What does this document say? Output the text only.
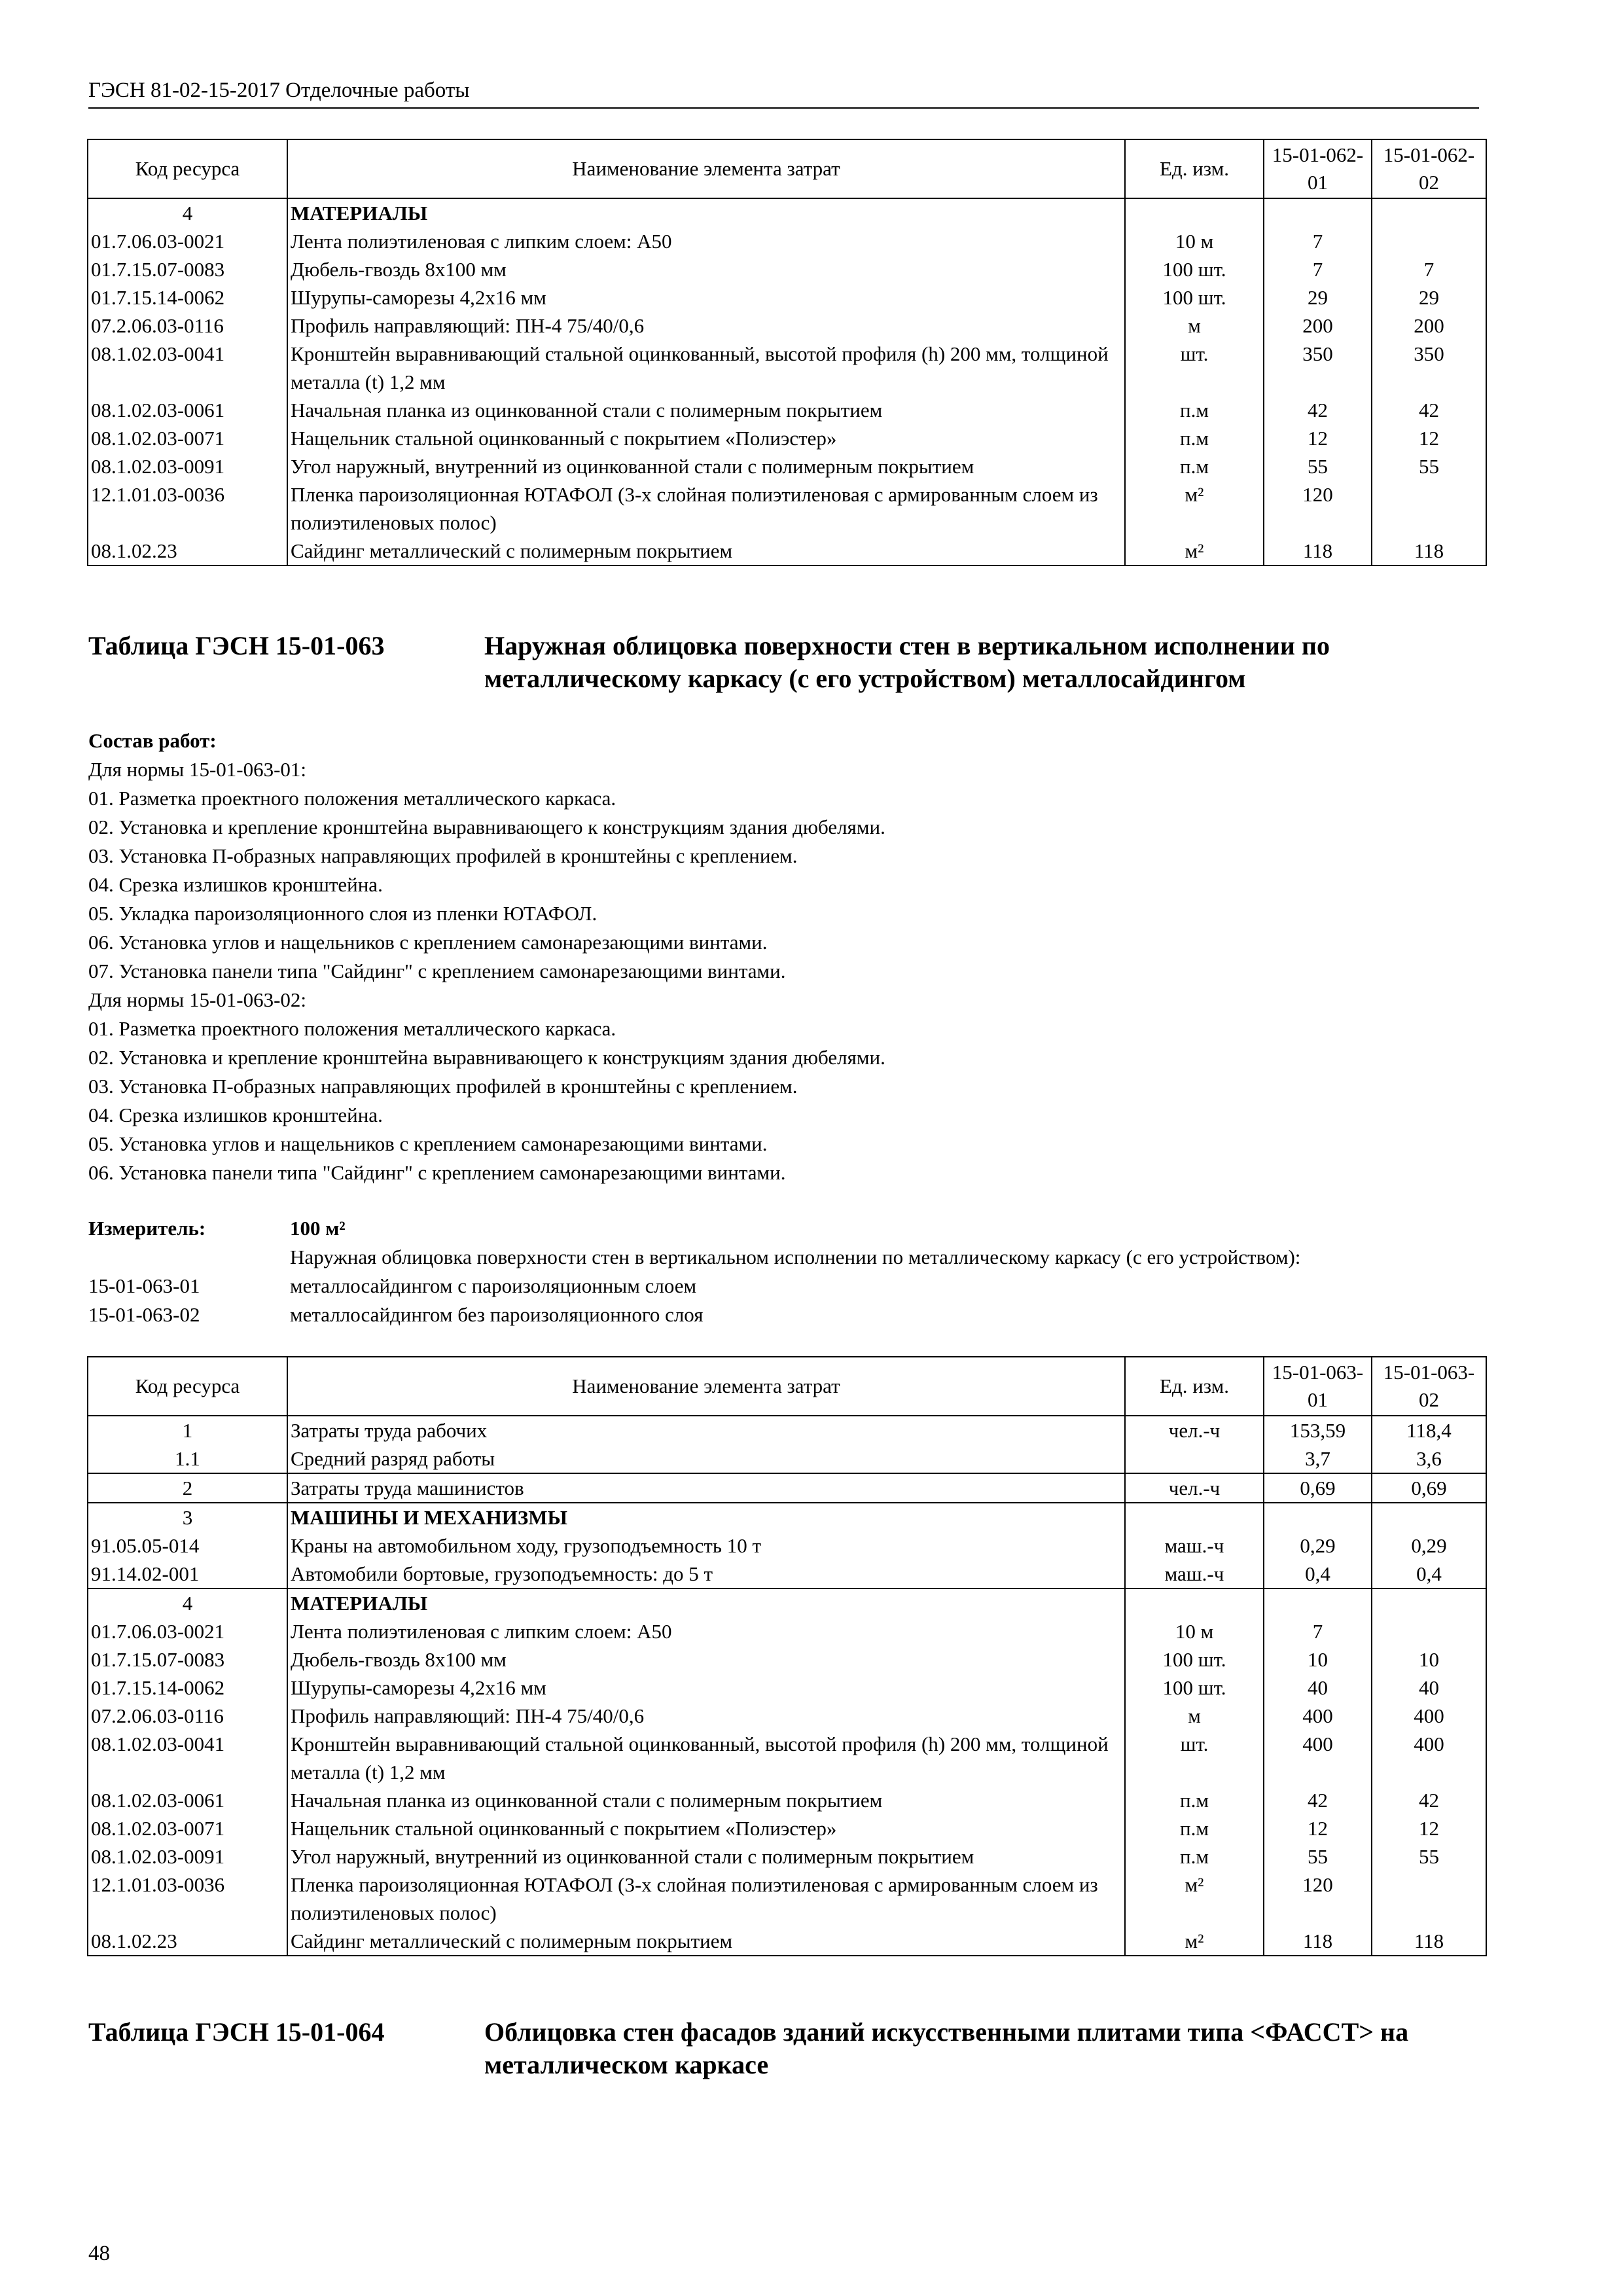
ГЭСН 81-02-15-2017 Отделочные работы
Код ресурса	Наименование элемента затрат	Ед. изм.	15-01-062-01	15-01-062-02
4	МАТЕРИАЛЫ			
01.7.06.03-0021	Лента полиэтиленовая с липким слоем: А50	10 м	7	
01.7.15.07-0083	Дюбель-гвоздь 8х100 мм	100 шт.	7	7
01.7.15.14-0062	Шурупы-саморезы 4,2х16 мм	100 шт.	29	29
07.2.06.03-0116	Профиль направляющий: ПН-4 75/40/0,6	м	200	200
08.1.02.03-0041	Кронштейн выравнивающий стальной оцинкованный, высотой профиля (h) 200 мм, толщиной металла (t) 1,2 мм	шт.	350	350
08.1.02.03-0061	Начальная планка из оцинкованной стали с полимерным покрытием	п.м	42	42
08.1.02.03-0071	Нащельник стальной оцинкованный с покрытием «Полиэстер»	п.м	12	12
08.1.02.03-0091	Угол наружный, внутренний из оцинкованной стали с полимерным покрытием	п.м	55	55
12.1.01.03-0036	Пленка пароизоляционная ЮТАФОЛ (3-х слойная полиэтиленовая с армированным слоем из полиэтиленовых полос)	м²	120	
08.1.02.23	Сайдинг металлический с полимерным покрытием	м²	118	118
Таблица ГЭСН 15-01-063	Наружная облицовка поверхности стен в вертикальном исполнении по металлическому каркасу (с его устройством) металлосайдингом
Состав работ:
Для нормы 15-01-063-01:
01. Разметка проектного положения металлического каркаса.
02. Установка и крепление кронштейна выравнивающего к конструкциям здания дюбелями.
03. Установка П-образных направляющих профилей в кронштейны с креплением.
04. Срезка излишков кронштейна.
05. Укладка пароизоляционного слоя из пленки ЮТАФОЛ.
06. Установка углов и нащельников с креплением самонарезающими винтами.
07. Установка панели типа "Сайдинг" с креплением самонарезающими винтами.
Для нормы 15-01-063-02:
01. Разметка проектного положения металлического каркаса.
02. Установка и крепление кронштейна выравнивающего к конструкциям здания дюбелями.
03. Установка П-образных направляющих профилей в кронштейны с креплением.
04. Срезка излишков кронштейна.
05. Установка углов и нащельников с креплением самонарезающими винтами.
06. Установка панели типа "Сайдинг" с креплением самонарезающими винтами.
Измеритель:	100 м²
Наружная облицовка поверхности стен в вертикальном исполнении по металлическому каркасу (с его устройством):
15-01-063-01	металлосайдингом с пароизоляционным слоем
15-01-063-02	металлосайдингом без пароизоляционного слоя
Код ресурса	Наименование элемента затрат	Ед. изм.	15-01-063-01	15-01-063-02
1	Затраты труда рабочих	чел.-ч	153,59	118,4
1.1	Средний разряд работы		3,7	3,6
2	Затраты труда машинистов	чел.-ч	0,69	0,69
3	МАШИНЫ И МЕХАНИЗМЫ			
91.05.05-014	Краны на автомобильном ходу, грузоподъемность 10 т	маш.-ч	0,29	0,29
91.14.02-001	Автомобили бортовые, грузоподъемность: до 5 т	маш.-ч	0,4	0,4
4	МАТЕРИАЛЫ			
01.7.06.03-0021	Лента полиэтиленовая с липким слоем: А50	10 м	7	
01.7.15.07-0083	Дюбель-гвоздь 8х100 мм	100 шт.	10	10
01.7.15.14-0062	Шурупы-саморезы 4,2х16 мм	100 шт.	40	40
07.2.06.03-0116	Профиль направляющий: ПН-4 75/40/0,6	м	400	400
08.1.02.03-0041	Кронштейн выравнивающий стальной оцинкованный, высотой профиля (h) 200 мм, толщиной металла (t) 1,2 мм	шт.	400	400
08.1.02.03-0061	Начальная планка из оцинкованной стали с полимерным покрытием	п.м	42	42
08.1.02.03-0071	Нащельник стальной оцинкованный с покрытием «Полиэстер»	п.м	12	12
08.1.02.03-0091	Угол наружный, внутренний из оцинкованной стали с полимерным покрытием	п.м	55	55
12.1.01.03-0036	Пленка пароизоляционная ЮТАФОЛ (3-х слойная полиэтиленовая с армированным слоем из полиэтиленовых полос)	м²	120	
08.1.02.23	Сайдинг металлический с полимерным покрытием	м²	118	118
Таблица ГЭСН 15-01-064	Облицовка стен фасадов зданий искусственными плитами типа <ФАССТ> на металлическом каркасе
48
